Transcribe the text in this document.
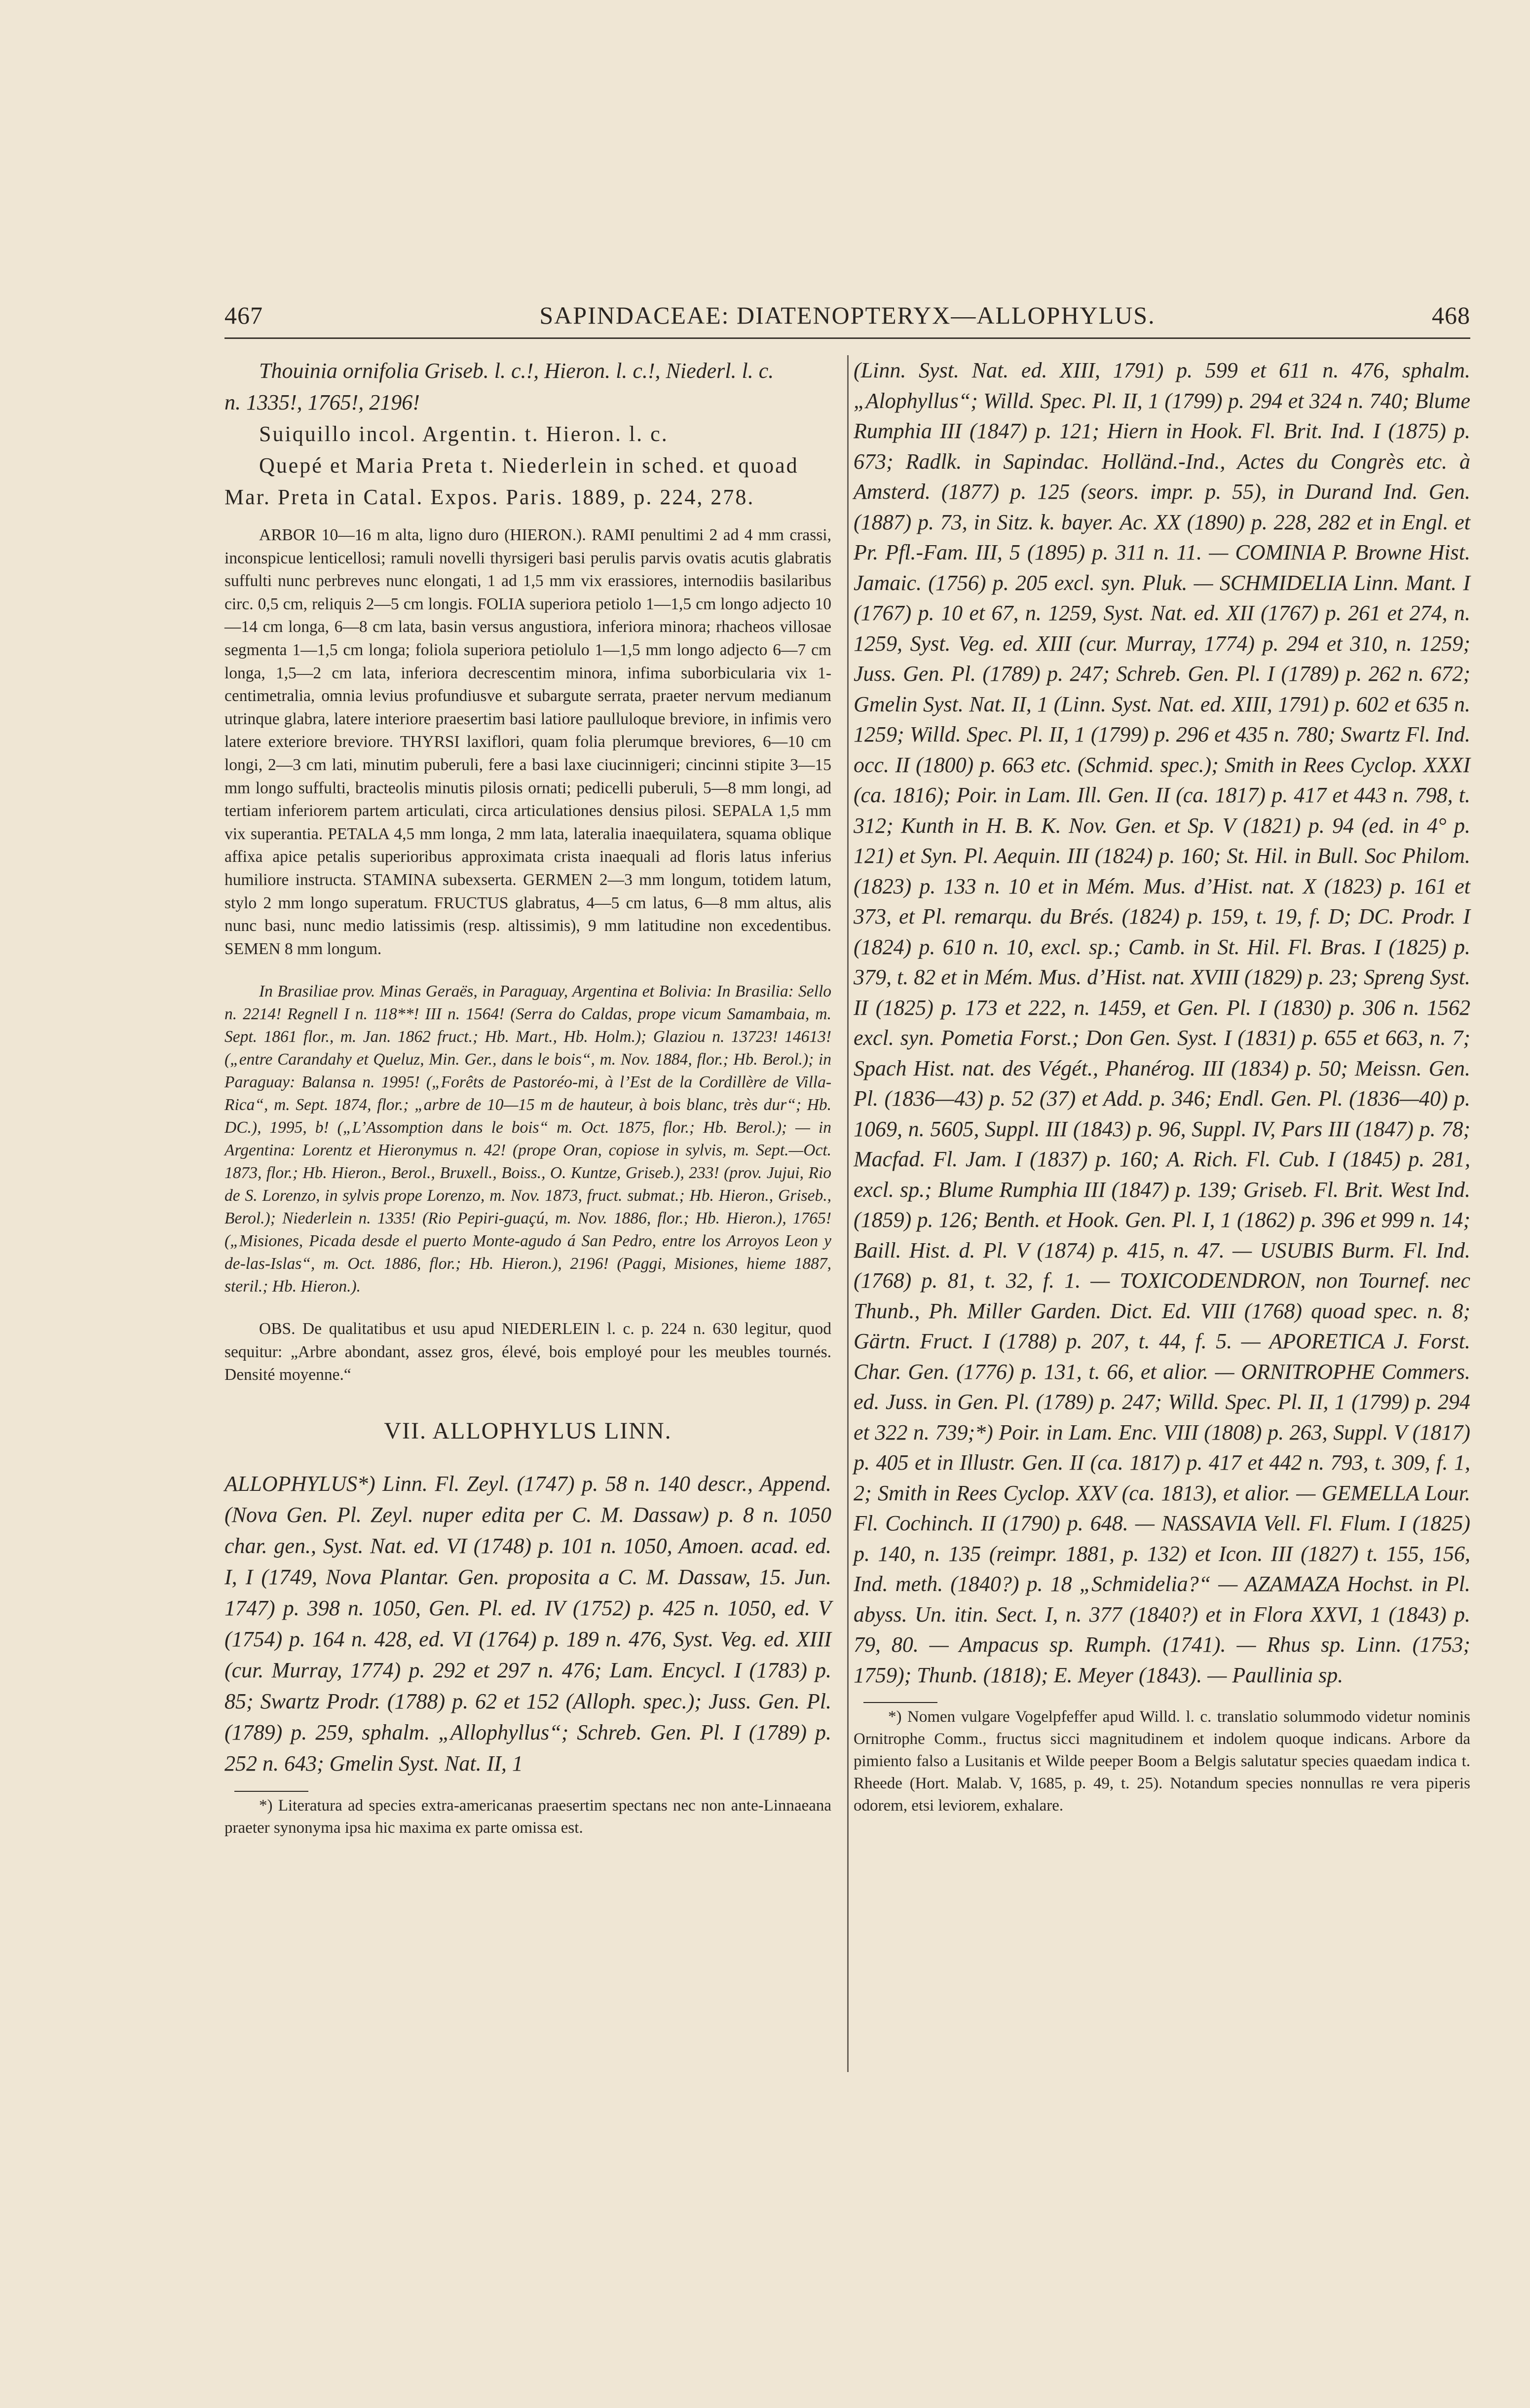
467	SAPINDACEAE: DIATENOPTERYX—ALLOPHYLUS.	468

Thouinia ornifolia Griseb. l. c.!, Hieron. l. c.!, Niederl. l. c.

n. 1335!, 1765!, 2196!

Suiquillo incol. Argentin. t. Hieron. l. c.

Quepé et Maria Preta t. Niederlein in sched. et quoad

Mar. Preta in Catal. Expos. Paris. 1889, p. 224, 278.

ARBOR 10—16 m alta, ligno duro (HIERON.). RAMI penultimi 2 ad 4 mm crassi, inconspicue lenticellosi; ramuli novelli thyrsigeri basi perulis parvis ovatis acutis glabratis suffulti nunc perbreves nunc elongati, 1 ad 1,5 mm vix erassiores, internodiis basilaribus circ. 0,5 cm, reliquis 2—5 cm longis. FOLIA superiora petiolo 1—1,5 cm longo adjecto 10—14 cm longa, 6—8 cm lata, basin versus angustiora, inferiora minora; rhacheos villosae segmenta 1—1,5 cm longa; foliola superiora petiolulo 1—1,5 mm longo adjecto 6—7 cm longa, 1,5—2 cm lata, inferiora decrescentim minora, infima suborbicularia vix 1-centimetralia, omnia levius profundiusve et subargute serrata, praeter nervum medianum utrinque glabra, latere interiore praesertim basi latiore paulluloque breviore, in infimis vero latere exteriore breviore. THYRSI laxiflori, quam folia plerumque breviores, 6—10 cm longi, 2—3 cm lati, minutim puberuli, fere a basi laxe ciucinnigeri; cincinni stipite 3—15 mm longo suffulti, bracteolis minutis pilosis ornati; pedicelli puberuli, 5—8 mm longi, ad tertiam inferiorem partem articulati, circa articulationes densius pilosi. SEPALA 1,5 mm vix superantia. PETALA 4,5 mm longa, 2 mm lata, lateralia inaequilatera, squama oblique affixa apice petalis superioribus approximata crista inaequali ad floris latus inferius humiliore instructa. STAMINA subexserta. GERMEN 2—3 mm longum, totidem latum, stylo 2 mm longo superatum. FRUCTUS glabratus, 4—5 cm latus, 6—8 mm altus, alis nunc basi, nunc medio latissimis (resp. altissimis), 9 mm latitudine non excedentibus. SEMEN 8 mm longum.

In Brasiliae prov. Minas Geraës, in Paraguay, Argentina et Bolivia: In Brasilia: Sello n. 2214! Regnell I n. 118**! III n. 1564! (Serra do Caldas, prope vicum Samambaia, m. Sept. 1861 flor., m. Jan. 1862 fruct.; Hb. Mart., Hb. Holm.); Glaziou n. 13723! 14613! („entre Carandahy et Queluz, Min. Ger., dans le bois“, m. Nov. 1884, flor.; Hb. Berol.); in Paraguay: Balansa n. 1995! („Forêts de Pastoréo-mi, à l’Est de la Cordillère de Villa-Rica“, m. Sept. 1874, flor.; „arbre de 10—15 m de hauteur, à bois blanc, très dur“; Hb. DC.), 1995, b! („L’Assomption dans le bois“ m. Oct. 1875, flor.; Hb. Berol.); — in Argentina: Lorentz et Hieronymus n. 42! (prope Oran, copiose in sylvis, m. Sept.—Oct. 1873, flor.; Hb. Hieron., Berol., Bruxell., Boiss., O. Kuntze, Griseb.), 233! (prov. Jujui, Rio de S. Lorenzo, in sylvis prope Lorenzo, m. Nov. 1873, fruct. submat.; Hb. Hieron., Griseb., Berol.); Niederlein n. 1335! (Rio Pepiri-guaçú, m. Nov. 1886, flor.; Hb. Hieron.), 1765! („Misiones, Picada desde el puerto Monte-agudo á San Pedro, entre los Arroyos Leon y de-las-Islas“, m. Oct. 1886, flor.; Hb. Hieron.), 2196! (Paggi, Misiones, hieme 1887, steril.; Hb. Hieron.).

OBS. De qualitatibus et usu apud NIEDERLEIN l. c. p. 224 n. 630 legitur, quod sequitur: „Arbre abondant, assez gros, élevé, bois employé pour les meubles tournés. Densité moyenne.“

VII. ALLOPHYLUS LINN.

ALLOPHYLUS*) Linn. Fl. Zeyl. (1747) p. 58 n. 140 descr., Append. (Nova Gen. Pl. Zeyl. nuper edita per C. M. Dassaw) p. 8 n. 1050 char. gen., Syst. Nat. ed. VI (1748) p. 101 n. 1050, Amoen. acad. ed. I, I (1749, Nova Plantar. Gen. proposita a C. M. Dassaw, 15. Jun. 1747) p. 398 n. 1050, Gen. Pl. ed. IV (1752) p. 425 n. 1050, ed. V (1754) p. 164 n. 428, ed. VI (1764) p. 189 n. 476, Syst. Veg. ed. XIII (cur. Murray, 1774) p. 292 et 297 n. 476; Lam. Encycl. I (1783) p. 85; Swartz Prodr. (1788) p. 62 et 152 (Alloph. spec.); Juss. Gen. Pl. (1789) p. 259, sphalm. „Allophyllus“; Schreb. Gen. Pl. I (1789) p. 252 n. 643; Gmelin Syst. Nat. II, 1

*) Literatura ad species extra-americanas praesertim spectans nec non ante-Linnaeana praeter synonyma ipsa hic maxima ex parte omissa est.

(Linn. Syst. Nat. ed. XIII, 1791) p. 599 et 611 n. 476, sphalm. „Alophyllus“; Willd. Spec. Pl. II, 1 (1799) p. 294 et 324 n. 740; Blume Rumphia III (1847) p. 121; Hiern in Hook. Fl. Brit. Ind. I (1875) p. 673; Radlk. in Sapindac. Holländ.-Ind., Actes du Congrès etc. à Amsterd. (1877) p. 125 (seors. impr. p. 55), in Durand Ind. Gen. (1887) p. 73, in Sitz. k. bayer. Ac. XX (1890) p. 228, 282 et in Engl. et Pr. Pfl.-Fam. III, 5 (1895) p. 311 n. 11. — COMINIA P. Browne Hist. Jamaic. (1756) p. 205 excl. syn. Pluk. — SCHMIDELIA Linn. Mant. I (1767) p. 10 et 67, n. 1259, Syst. Nat. ed. XII (1767) p. 261 et 274, n. 1259, Syst. Veg. ed. XIII (cur. Murray, 1774) p. 294 et 310, n. 1259; Juss. Gen. Pl. (1789) p. 247; Schreb. Gen. Pl. I (1789) p. 262 n. 672; Gmelin Syst. Nat. II, 1 (Linn. Syst. Nat. ed. XIII, 1791) p. 602 et 635 n. 1259; Willd. Spec. Pl. II, 1 (1799) p. 296 et 435 n. 780; Swartz Fl. Ind. occ. II (1800) p. 663 etc. (Schmid. spec.); Smith in Rees Cyclop. XXXI (ca. 1816); Poir. in Lam. Ill. Gen. II (ca. 1817) p. 417 et 443 n. 798, t. 312; Kunth in H. B. K. Nov. Gen. et Sp. V (1821) p. 94 (ed. in 4° p. 121) et Syn. Pl. Aequin. III (1824) p. 160; St. Hil. in Bull. Soc Philom. (1823) p. 133 n. 10 et in Mém. Mus. d’Hist. nat. X (1823) p. 161 et 373, et Pl. remarqu. du Brés. (1824) p. 159, t. 19, f. D; DC. Prodr. I (1824) p. 610 n. 10, excl. sp.; Camb. in St. Hil. Fl. Bras. I (1825) p. 379, t. 82 et in Mém. Mus. d’Hist. nat. XVIII (1829) p. 23; Spreng Syst. II (1825) p. 173 et 222, n. 1459, et Gen. Pl. I (1830) p. 306 n. 1562 excl. syn. Pometia Forst.; Don Gen. Syst. I (1831) p. 655 et 663, n. 7; Spach Hist. nat. des Végét., Phanérog. III (1834) p. 50; Meissn. Gen. Pl. (1836—43) p. 52 (37) et Add. p. 346; Endl. Gen. Pl. (1836—40) p. 1069, n. 5605, Suppl. III (1843) p. 96, Suppl. IV, Pars III (1847) p. 78; Macfad. Fl. Jam. I (1837) p. 160; A. Rich. Fl. Cub. I (1845) p. 281, excl. sp.; Blume Rumphia III (1847) p. 139; Griseb. Fl. Brit. West Ind. (1859) p. 126; Benth. et Hook. Gen. Pl. I, 1 (1862) p. 396 et 999 n. 14; Baill. Hist. d. Pl. V (1874) p. 415, n. 47. — USUBIS Burm. Fl. Ind. (1768) p. 81, t. 32, f. 1. — TOXICODENDRON, non Tournef. nec Thunb., Ph. Miller Garden. Dict. Ed. VIII (1768) quoad spec. n. 8; Gärtn. Fruct. I (1788) p. 207, t. 44, f. 5. — APORETICA J. Forst. Char. Gen. (1776) p. 131, t. 66, et alior. — ORNITROPHE Commers. ed. Juss. in Gen. Pl. (1789) p. 247; Willd. Spec. Pl. II, 1 (1799) p. 294 et 322 n. 739;*) Poir. in Lam. Enc. VIII (1808) p. 263, Suppl. V (1817) p. 405 et in Illustr. Gen. II (ca. 1817) p. 417 et 442 n. 793, t. 309, f. 1, 2; Smith in Rees Cyclop. XXV (ca. 1813), et alior. — GEMELLA Lour. Fl. Cochinch. II (1790) p. 648. — NASSAVIA Vell. Fl. Flum. I (1825) p. 140, n. 135 (reimpr. 1881, p. 132) et Icon. III (1827) t. 155, 156, Ind. meth. (1840?) p. 18 „Schmidelia?“ — AZAMAZA Hochst. in Pl. abyss. Un. itin. Sect. I, n. 377 (1840?) et in Flora XXVI, 1 (1843) p. 79, 80. — Ampacus sp. Rumph. (1741). — Rhus sp. Linn. (1753; 1759); Thunb. (1818); E. Meyer (1843). — Paullinia sp.

*) Nomen vulgare Vogelpfeffer apud Willd. l. c. translatio solummodo videtur nominis Ornitrophe Comm., fructus sicci magnitudinem et indolem quoque indicans. Arbore da pimiento falso a Lusitanis et Wilde peeper Boom a Belgis salutatur species quaedam indica t. Rheede (Hort. Malab. V, 1685, p. 49, t. 25). Notandum species nonnullas re vera piperis odorem, etsi leviorem, exhalare.
